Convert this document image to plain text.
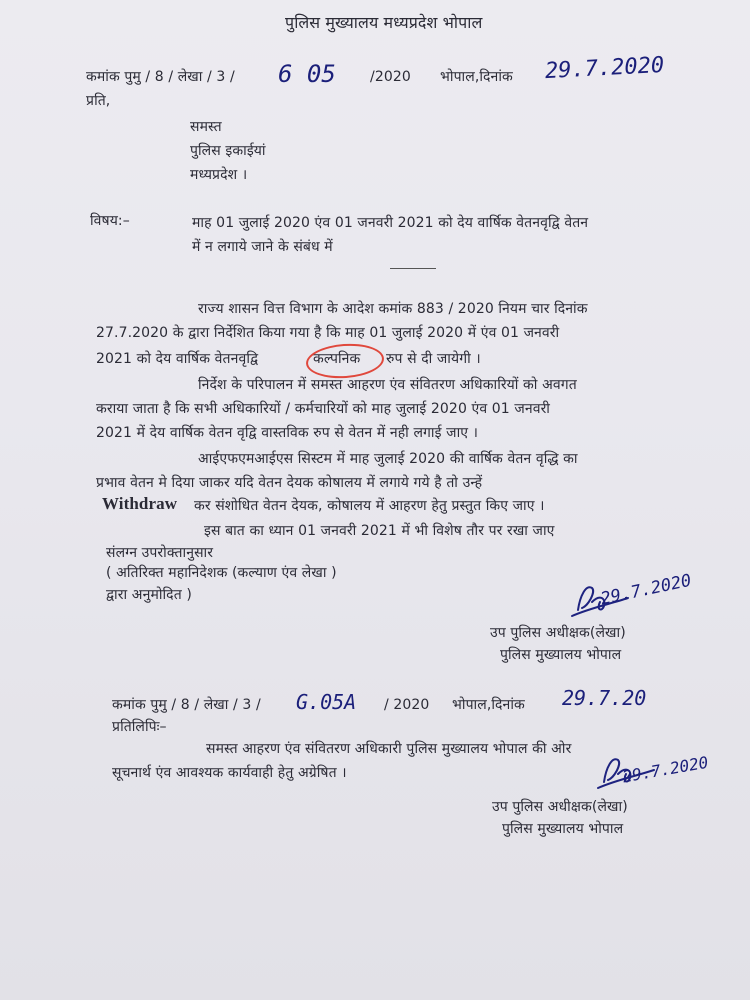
पुलिस मुख्यालय मध्यप्रदेश भोपाल
कमांक पुमु / 8 / लेखा / 3 / 6 05 /2020 भोपाल,दिनांक 29.7.2020
प्रति,
समस्त
पुलिस इकाईयां
मध्यप्रदेश ।
विषय:–	माह 01 जुलाई 2020 एंव 01 जनवरी 2021 को देय वार्षिक वेतनवृद्वि वेतन
में न लगाये जाने के संबंध में
राज्य शासन वित्त विभाग के आदेश कमांक 883 / 2020 नियम चार दिनांक
27.7.2020 के द्वारा निर्देशित किया गया है कि माह 01 जुलाई 2020 में एंव 01 जनवरी
2021 को देय वार्षिक वेतनवृद्वि	कल्पनिक रुप से दी जायेगी ।
निर्देश के परिपालन में समस्त आहरण एंव संवितरण अधिकारियों को अवगत
कराया जाता है कि सभी अधिकारियों / कर्मचारियों को माह जुलाई 2020 एंव 01 जनवरी
2021 में देय वार्षिक वेतन वृद्वि वास्तविक रुप से वेतन में नही लगाई जाए ।
आईएफएमआईएस सिस्टम में माह जुलाई 2020 की वार्षिक वेतन वृद्धि का
प्रभाव वेतन मे दिया जाकर यदि वेतन देयक कोषालय में लगाये गये है तो उन्हें
Withdraw कर संशोधित वेतन देयक, कोषालय में आहरण हेतु प्रस्तुत किए जाए ।
इस बात का ध्यान 01 जनवरी 2021 में भी विशेष तौर पर रखा जाए
संलग्न उपरोक्तानुसार
( अतिरिक्त महानिदेशक (कल्याण एंव लेखा )
द्वारा अनुमोदित )	29.7.2020
उप पुलिस अधीक्षक(लेखा)
पुलिस मुख्यालय भोपाल
कमांक पुमु / 8 / लेखा / 3 / G.05A / 2020 भोपाल,दिनांक 29.7.20
प्रतिलिपिः–
समस्त आहरण एंव संवितरण अधिकारी पुलिस मुख्यालय भोपाल की ओर
सूचनार्थ एंव आवश्यक कार्यवाही हेतु अग्रेषित ।	29.7.2020
उप पुलिस अधीक्षक(लेखा)
पुलिस मुख्यालय भोपाल
